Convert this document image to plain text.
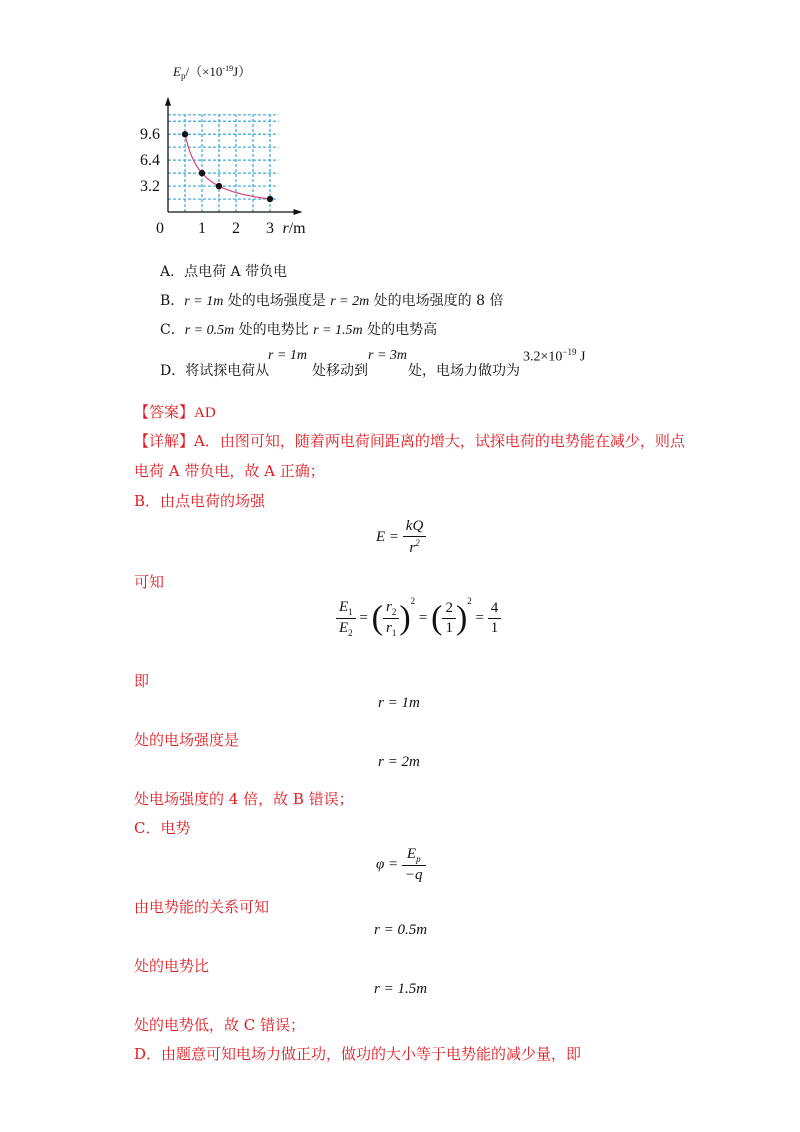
9.6
6.4
3.2
1 2 3
0	r/m
$E_p/(\times 10^{-19}J)$
A．点电荷 A 带负电
B．r = 1m 处的电场强度是 r = 2m 处的电场强度的 8 倍
C．r = 0.5m 处的电势比 r = 1.5m 处的电势高
D．将试探电荷从
r = 1m
处移动到
r = 3m
处，电场力做功为
$3.2\times 10^{-19}$ J
【答案】AD
【详解】A．由图可知，随着两电荷间距离的增大，试探电荷的电势能在减少，则点
电荷 A 带负电，故 A 正确；
B．由点电荷的场强
$E = \frac{kQ}{r^2}$
可知
$\frac{E_1}{E_2}$ = ( $\frac{r_2}{r_1} )^2$ = ( $\frac{2}{1} )^2 = \frac{4}{1}$
即
r = 1m
处的电场强度是
r = 2m
处电场强度的 4 倍，故 B 错误；
C．电势
$\varphi = \frac{E_p}{-q}$
由电势能的关系可知
r = 0.5m
处的电势比
r = 1.5m
处的电势低，故 C 错误；
D．由题意可知电场力做正功，做功的大小等于电势能的减少量，即
